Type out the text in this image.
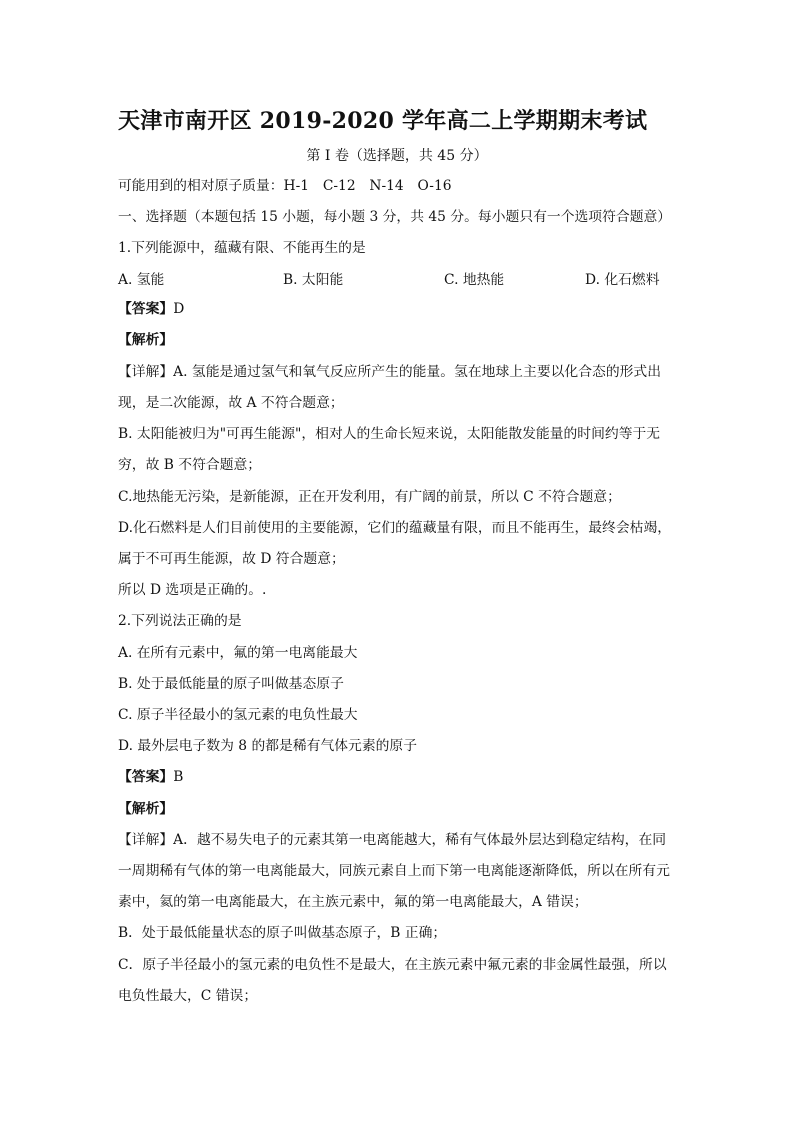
天津市南开区 2019-2020 学年高二上学期期末考试
第 I 卷（选择题，共 45 分）
可能用到的相对原子质量：H-1　C-12　N-14　O-16
一、选择题（本题包括 15 小题，每小题 3 分，共 45 分。每小题只有一个选项符合题意）
1.下列能源中，蕴藏有限、不能再生的是
A. 氢能	B. 太阳能	C. 地热能	D. 化石燃料
【答案】D
【解析】
【详解】A. 氢能是通过氢气和氧气反应所产生的能量。氢在地球上主要以化合态的形式出
现，是二次能源，故 A 不符合题意；
B. 太阳能被归为"可再生能源"，相对人的生命长短来说，太阳能散发能量的时间约等于无
穷，故 B 不符合题意；
C.地热能无污染，是新能源，正在开发利用，有广阔的前景，所以 C 不符合题意；
D.化石燃料是人们目前使用的主要能源，它们的蕴藏量有限，而且不能再生，最终会枯竭，
属于不可再生能源，故 D 符合题意；
所以 D 选项是正确的。.
2.下列说法正确的是
A. 在所有元素中，氟的第一电离能最大
B. 处于最低能量的原子叫做基态原子
C. 原子半径最小的氢元素的电负性最大
D. 最外层电子数为 8 的都是稀有气体元素的原子
【答案】B
【解析】
【详解】A．越不易失电子的元素其第一电离能越大，稀有气体最外层达到稳定结构，在同
一周期稀有气体的第一电离能最大，同族元素自上而下第一电离能逐渐降低，所以在所有元
素中，氦的第一电离能最大，在主族元素中，氟的第一电离能最大，A 错误；
B．处于最低能量状态的原子叫做基态原子，B 正确；
C．原子半径最小的氢元素的电负性不是最大，在主族元素中氟元素的非金属性最强，所以
电负性最大，C 错误；
